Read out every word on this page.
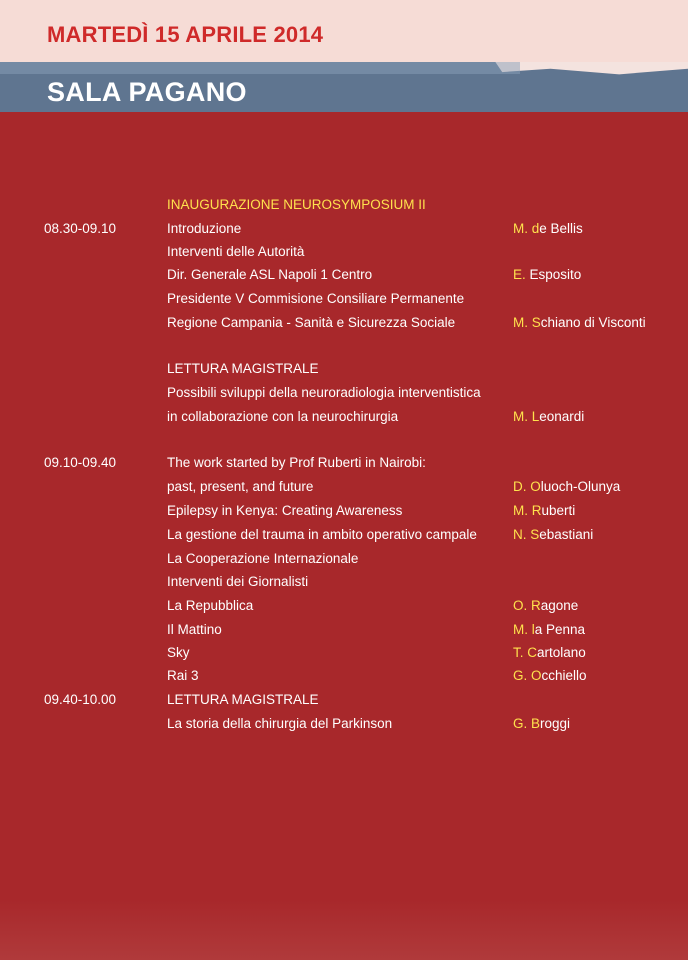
MARTEDÌ 15 APRILE 2014
SALA PAGANO
INAUGURAZIONE NEUROSYMPOSIUM II
08.30-09.10	Introduzione	M. de Bellis
Interventi delle Autorità
Dir. Generale ASL Napoli 1 Centro	E. Esposito
Presidente V Commisione Consiliare Permanente
Regione Campania - Sanità e Sicurezza Sociale	M. Schiano di Visconti
LETTURA MAGISTRALE
Possibili sviluppi della neuroradiologia interventistica
in collaborazione con la neurochirurgia	M. Leonardi
09.10-09.40	The work started by Prof Ruberti in Nairobi:
past, present, and future	D. Oluoch-Olunya
Epilepsy in Kenya: Creating Awareness	M. Ruberti
La gestione del trauma in ambito operativo campale	N. Sebastiani
La Cooperazione Internazionale
Interventi dei Giornalisti
La Repubblica	O. Ragone
Il Mattino	M. la Penna
Sky	T. Cartolano
Rai 3	G. Occhiello
09.40-10.00	LETTURA MAGISTRALE
La storia della chirurgia del Parkinson	G. Broggi
